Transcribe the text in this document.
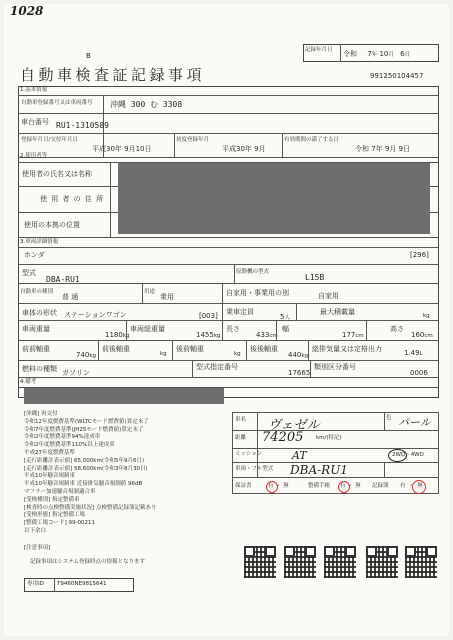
1028
記録年月日 令和 7年 10月 6日
B
自動車検査証記録事項	991250104457
1.基本情報
自動車登録番号又は車両番号 沖縄 300 む 3308
車台番号 RU1-1310589
登録年月日/交付年月日
平成30年 9月10日
初度登録年月
平成30年 9月
有効期間の満了する日
令和 7年 9月 9日
2.使用者等
使用者の氏名又は名称
使 用 者 の 住 所
使用の本拠の位置
3.車両詳細情報
ホンダ	[296]
型式
DBA-RU1
原動機の型式
L15B
自動車の種別
普 通
用途
乗用	自家用・事業用の別	自家用
車体の形状 ステーションワゴン	[003] 乗車定員
5人
最大積載量	kg
車両重量
1180kg
車両総重量
1455kg
長さ
433cm
幅
177cm
高さ
160cm
前前軸重
740kg
前後軸重
kg
後前軸重
kg
後後軸重
440kg
総排気量又は定格出力	1.49L
燃料の種類 ガソリン
型式指定番号
17665
類別区分番号
0006
4.備考
[沖縄] 再交付
令和12年度燃費基準(WLTCモード燃費値)算定未了
令和7年度燃費基準(JH25モード燃費値)算定未了
令和2年度燃費基準94%達成車
令和2年度燃費基準110%以上達成車
平成27年度燃費基準
[走行距離計表示値] 65,000km(令和5年9月6日)
[走行距離計表示値] 58,600km(令和3年8月30日)
平成10年騒音規制車
平成10年騒音規制車 近接排気騒音規制値 96dB
マフラー加速騒音規制適合車
[受検種別] 指定整備車
[検査時の点検整備実施状況] 点検整備記録簿記載あり
[受検形態] 指定整備工場
[整備工場コード] 99-00211
以下余白
車名 ヴェゼル	色 パール
距離 74205 km/(特記)
ミッション	AT	2WD・4WD
車両・フル型式 DBA-RU1
保証書	有・無	整備手帳 有・無 記録簿 有・無
[注意事項]
記録事項はシステム登録時点の情報となります
専用ID T9460NE9815641
